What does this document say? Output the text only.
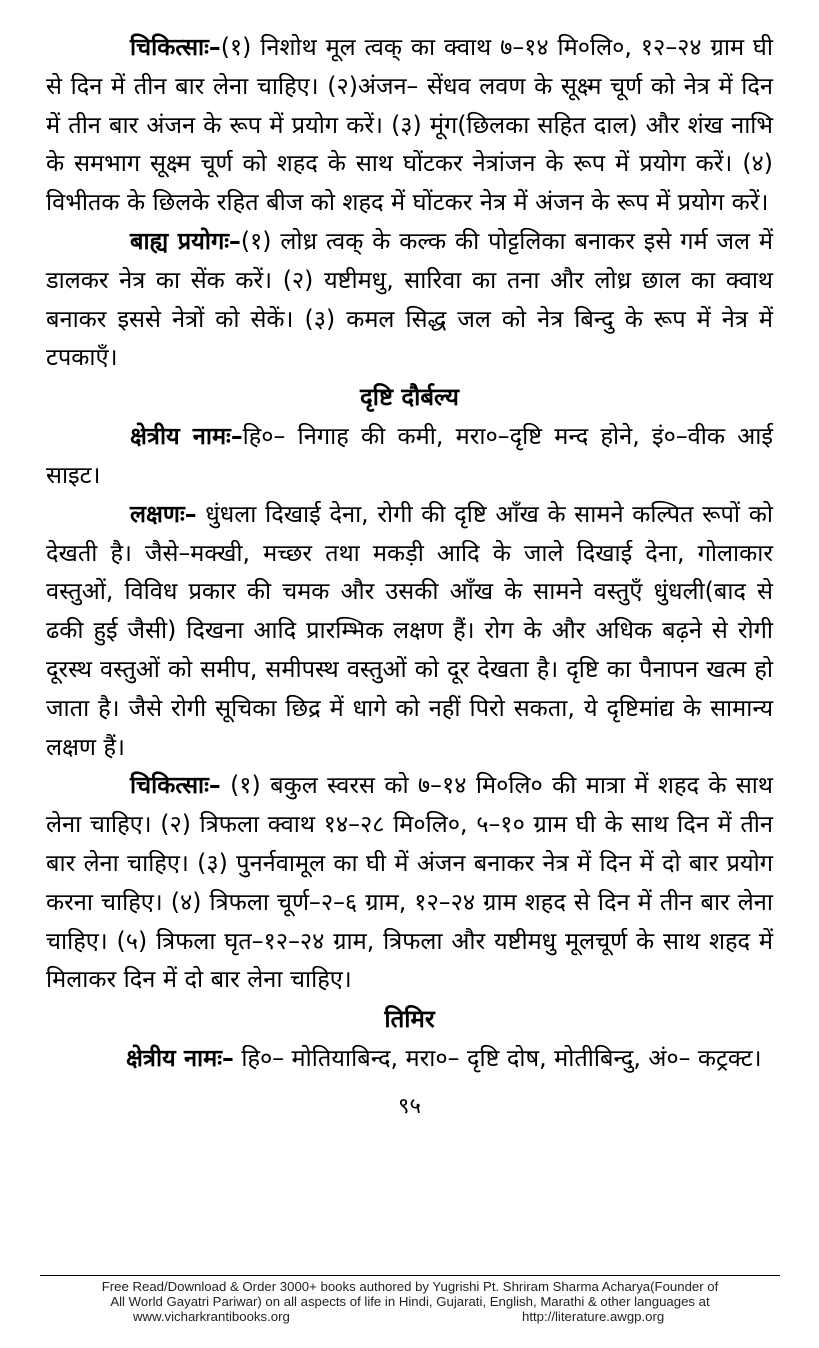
चिकित्साः–(१) निशोथ मूल त्वक् का क्वाथ ७–१४ मि०लि०, १२–२४ ग्राम घी से दिन में तीन बार लेना चाहिए। (२)अंजन– सेंधव लवण के सूक्ष्म चूर्ण को नेत्र में दिन में तीन बार अंजन के रूप में प्रयोग करें। (३) मूंग(छिलका सहित दाल) और शंख नाभि के समभाग सूक्ष्म चूर्ण को शहद के साथ घोंटकर नेत्रांजन के रूप में प्रयोग करें। (४) विभीतक के छिलके रहित बीज को शहद में घोंटकर नेत्र में अंजन के रूप में प्रयोग करें।

बाह्य प्रयोगः–(१) लोध्र त्वक् के कल्क की पोट्टलिका बनाकर इसे गर्म जल में डालकर नेत्र का सेंक करें। (२) यष्टीमधु, सारिवा का तना और लोध्र छाल का क्वाथ बनाकर इससे नेत्रों को सेकें। (३) कमल सिद्ध जल को नेत्र बिन्दु के रूप में नेत्र में टपकाएँ।

दृष्टि दौर्बल्य

क्षेत्रीय नामः–हि०– निगाह की कमी, मरा०–दृष्टि मन्द होने, इं०–वीक आई साइट।

लक्षणः– धुंधला दिखाई देना, रोगी की दृष्टि आँख के सामने कल्पित रूपों को देखती है। जैसे–मक्खी, मच्छर तथा मकड़ी आदि के जाले दिखाई देना, गोलाकार वस्तुओं, विविध प्रकार की चमक और उसकी आँख के सामने वस्तुएँ धुंधली(बाद से ढकी हुई जैसी) दिखना आदि प्रारम्भिक लक्षण हैं। रोग के और अधिक बढ़ने से रोगी दूरस्थ वस्तुओं को समीप, समीपस्थ वस्तुओं को दूर देखता है। दृष्टि का पैनापन खत्म हो जाता है। जैसे रोगी सूचिका छिद्र में धागे को नहीं पिरो सकता, ये दृष्टिमांद्य के सामान्य लक्षण हैं।

चिकित्साः– (१) बकुल स्वरस को ७–१४ मि०लि० की मात्रा में शहद के साथ लेना चाहिए। (२) त्रिफला क्वाथ १४–२८ मि०लि०, ५–१० ग्राम घी के साथ दिन में तीन बार लेना चाहिए। (३) पुनर्नवामूल का घी में अंजन बनाकर नेत्र में दिन में दो बार प्रयोग करना चाहिए। (४) त्रिफला चूर्ण–२–६ ग्राम, १२–२४ ग्राम शहद से दिन में तीन बार लेना चाहिए। (५) त्रिफला घृत–१२–२४ ग्राम, त्रिफला और यष्टीमधु मूलचूर्ण के साथ शहद में मिलाकर दिन में दो बार लेना चाहिए।

तिमिर

क्षेत्रीय नामः– हि०– मोतियाबिन्द, मरा०– दृष्टि दोष, मोतीबिन्दु, अं०– कट्रक्ट।

९५
Free Read/Download & Order 3000+ books authored by Yugrishi Pt. Shriram Sharma Acharya(Founder of
All World Gayatri Pariwar) on all aspects of life in Hindi, Gujarati, English, Marathi & other languages at
www.vicharkrantibooks.org	http://literature.awgp.org
